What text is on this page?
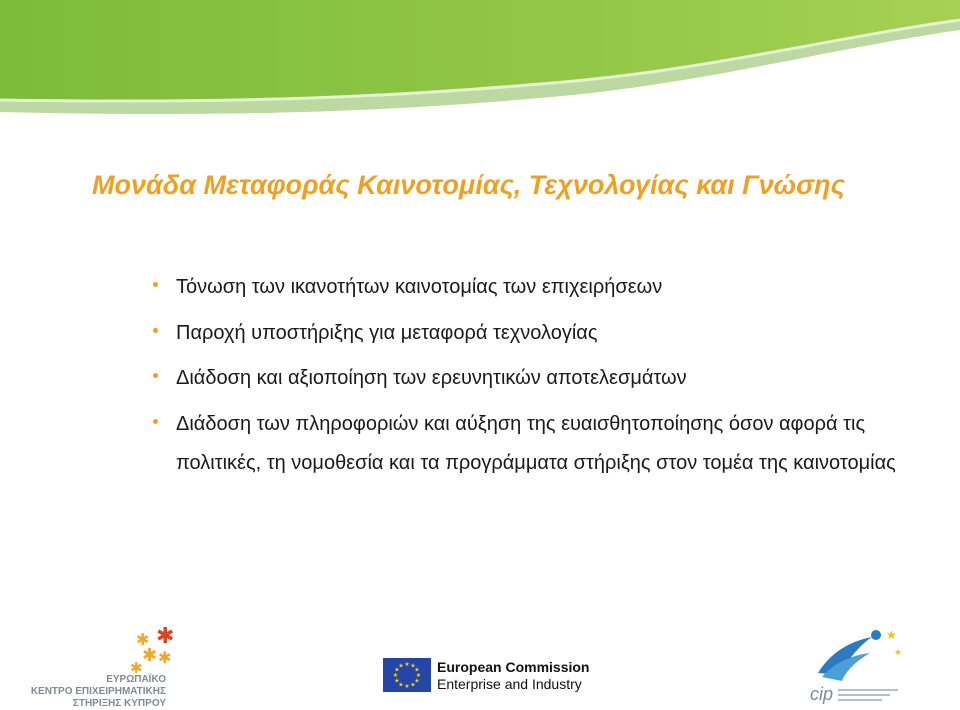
Μονάδα Μεταφοράς Καινοτομίας, Τεχνολογίας και Γνώσης
Τόνωση των ικανοτήτων καινοτομίας των επιχειρήσεων
Παροχή υποστήριξης για μεταφορά τεχνολογίας
Διάδοση και αξιοποίηση των ερευνητικών αποτελεσμάτων
Διάδοση των πληροφοριών και αύξηση της ευαισθητοποίησης όσον αφορά τις πολιτικές, τη νομοθεσία και τα προγράμματα στήριξης στον τομέα της καινοτομίας
✱
✱
✱ ✱
✱
ΕΥΡΩΠΑΪΚΟ
ΚΕΝΤΡΟ ΕΠΙΧΕΙΡΗΜΑΤΙΚΗΣ
ΣΤΗΡΙΞΗΣ ΚΥΠΡΟΥ
★ ★
★
★
★
★
★
★
★
★
★
★ European Commission
Enterprise and Industry
★
★
cip
